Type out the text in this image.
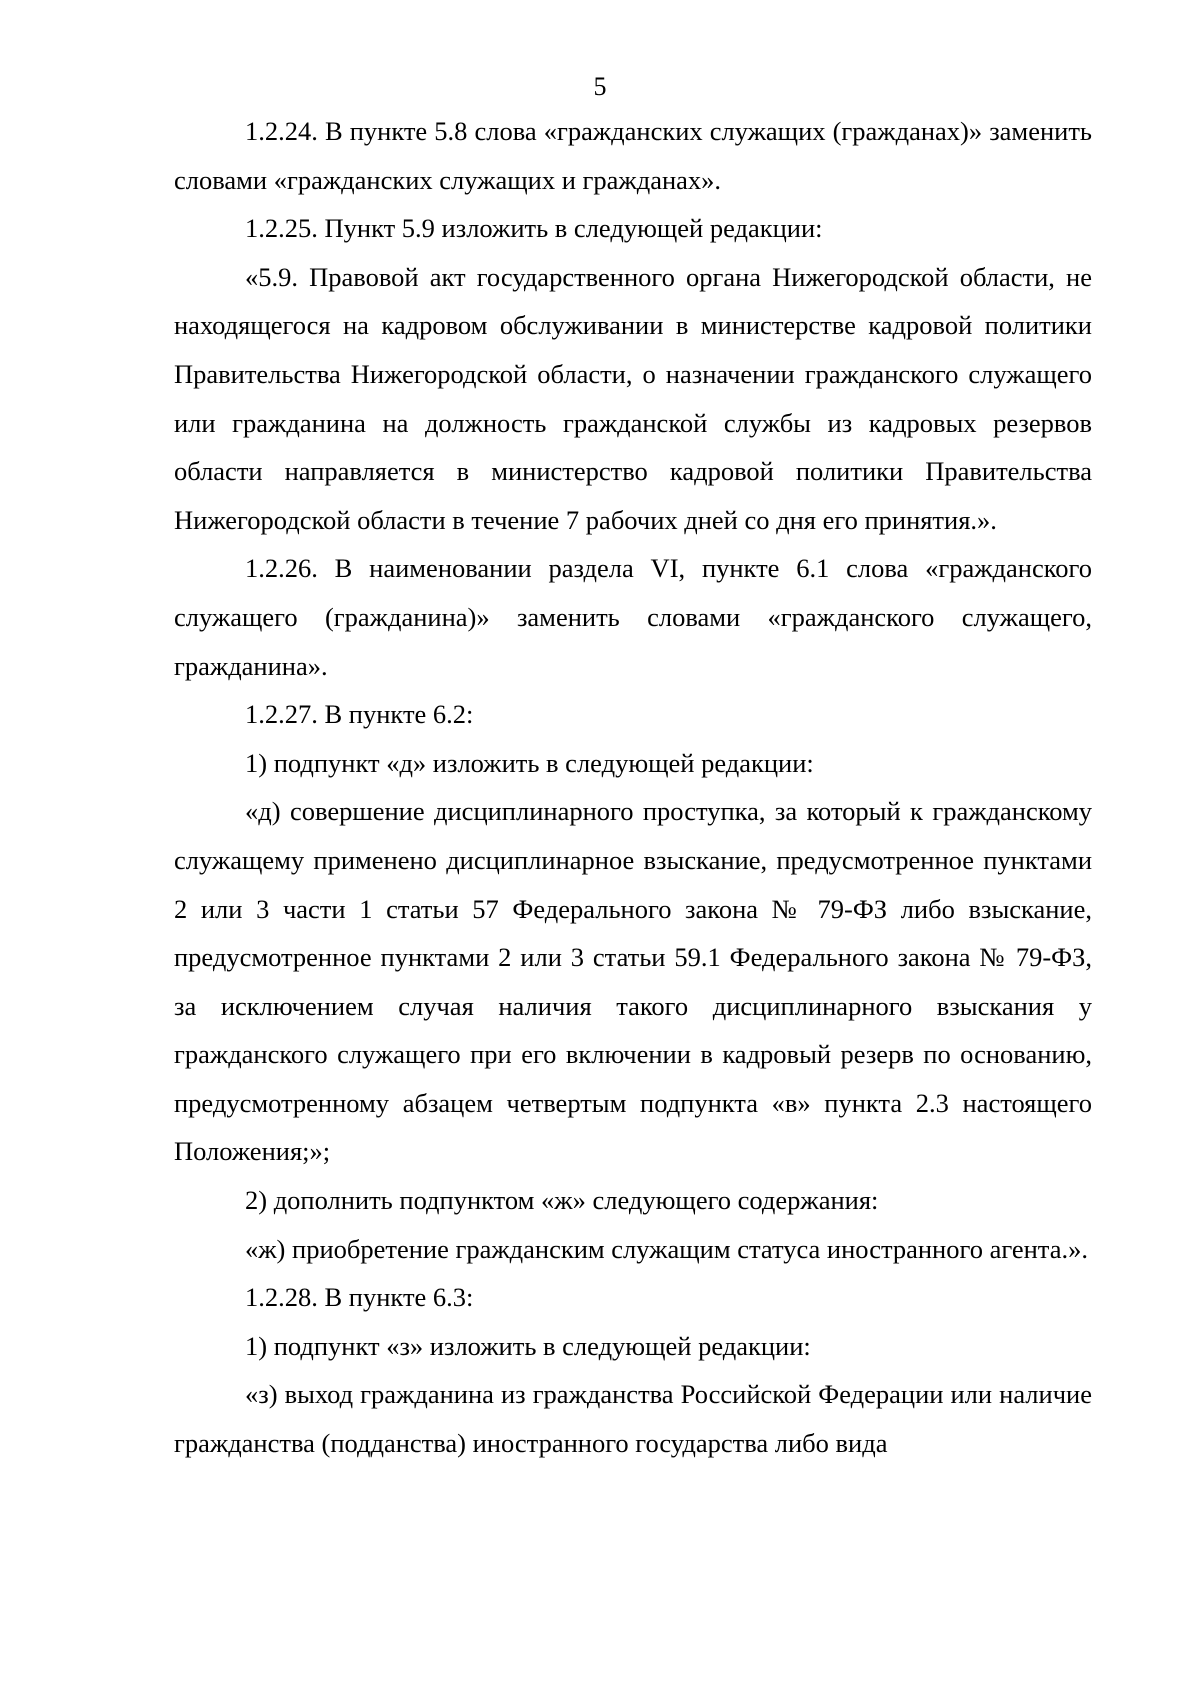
5

1.2.24. В пункте 5.8 слова «гражданских служащих (гражданах)» заменить словами «гражданских служащих и гражданах».

1.2.25. Пункт 5.9 изложить в следующей редакции:

«5.9. Правовой акт государственного органа Нижегородской области, не находящегося на кадровом обслуживании в министерстве кадровой политики Правительства Нижегородской области, о назначении гражданского служащего или гражданина на должность гражданской службы из кадровых резервов области направляется в министерство кадровой политики Правительства Нижегородской области в течение 7 рабочих дней со дня его принятия.».

1.2.26. В наименовании раздела VI, пункте 6.1 слова «гражданского служащего (гражданина)» заменить словами «гражданского служащего, гражданина».

1.2.27. В пункте 6.2:

1) подпункт «д» изложить в следующей редакции:

«д) совершение дисциплинарного проступка, за который к гражданскому служащему применено дисциплинарное взыскание, предусмотренное пунктами 2 или 3 части 1 статьи 57 Федерального закона № 79-ФЗ либо взыскание, предусмотренное пунктами 2 или 3 статьи 59.1 Федерального закона № 79-ФЗ, за исключением случая наличия такого дисциплинарного взыскания у гражданского служащего при его включении в кадровый резерв по основанию, предусмотренному абзацем четвертым подпункта «в» пункта 2.3 настоящего Положения;»;

2) дополнить подпунктом «ж» следующего содержания:

«ж) приобретение гражданским служащим статуса иностранного агента.».

1.2.28. В пункте 6.3:

1) подпункт «з» изложить в следующей редакции:

«з) выход гражданина из гражданства Российской Федерации или наличие гражданства (подданства) иностранного государства либо вида
